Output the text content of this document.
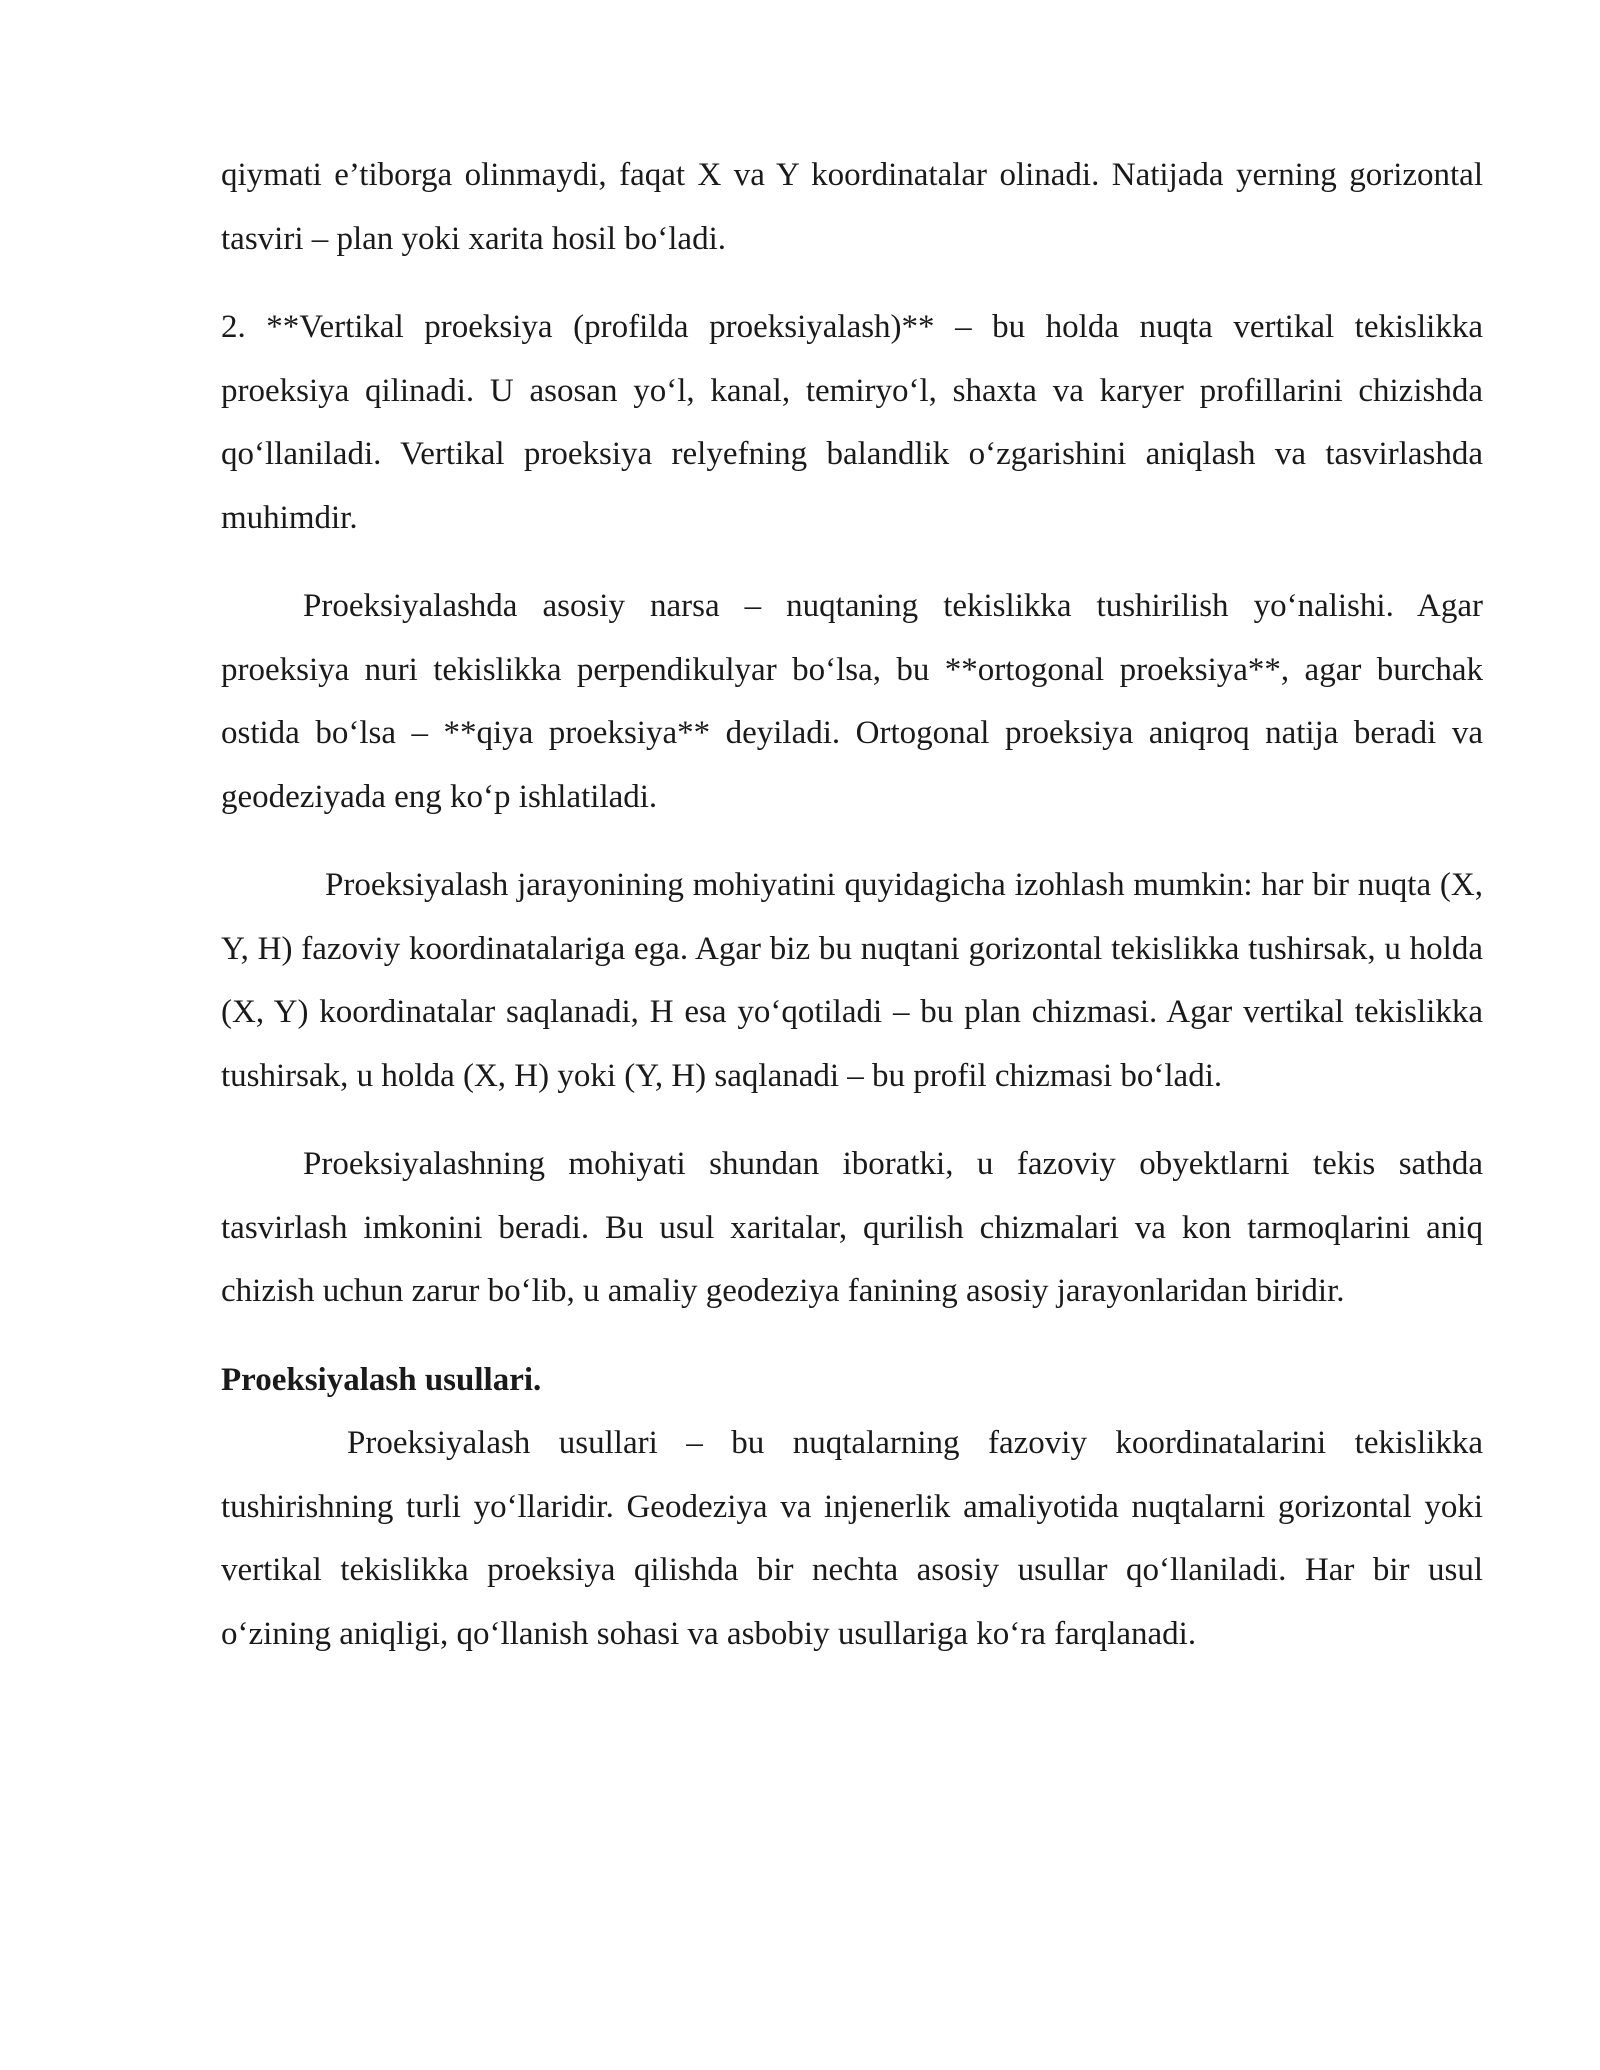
qiymati e’tiborga olinmaydi, faqat X va Y koordinatalar olinadi. Natijada yerning gorizontal tasviri – plan yoki xarita hosil bo‘ladi.

2. **Vertikal proeksiya (profilda proeksiyalash)** – bu holda nuqta vertikal tekislikka proeksiya qilinadi. U asosan yo‘l, kanal, temiryo‘l, shaxta va karyer profillarini chizishda qo‘llaniladi. Vertikal proeksiya relyefning balandlik o‘zgarishini aniqlash va tasvirlashda muhimdir.

Proeksiyalashda asosiy narsa – nuqtaning tekislikka tushirilish yo‘nalishi. Agar proeksiya nuri tekislikka perpendikulyar bo‘lsa, bu **ortogonal proeksiya**, agar burchak ostida bo‘lsa – **qiya proeksiya** deyiladi. Ortogonal proeksiya aniqroq natija beradi va geodeziyada eng ko‘p ishlatiladi.

Proeksiyalash jarayonining mohiyatini quyidagicha izohlash mumkin: har bir nuqta (X, Y, H) fazoviy koordinatalariga ega. Agar biz bu nuqtani gorizontal tekislikka tushirsak, u holda (X, Y) koordinatalar saqlanadi, H esa yo‘qotiladi – bu plan chizmasi. Agar vertikal tekislikka tushirsak, u holda (X, H) yoki (Y, H) saqlanadi – bu profil chizmasi bo‘ladi.

Proeksiyalashning mohiyati shundan iboratki, u fazoviy obyektlarni tekis sathda tasvirlash imkonini beradi. Bu usul xaritalar, qurilish chizmalari va kon tarmoqlarini aniq chizish uchun zarur bo‘lib, u amaliy geodeziya fanining asosiy jarayonlaridan biridir.

Proeksiyalash usullari.

Proeksiyalash usullari – bu nuqtalarning fazoviy koordinatalarini tekislikka tushirishning turli yo‘llaridir. Geodeziya va injenerlik amaliyotida nuqtalarni gorizontal yoki vertikal tekislikka proeksiya qilishda bir nechta asosiy usullar qo‘llaniladi. Har bir usul o‘zining aniqligi, qo‘llanish sohasi va asbobiy usullariga ko‘ra farqlanadi.
